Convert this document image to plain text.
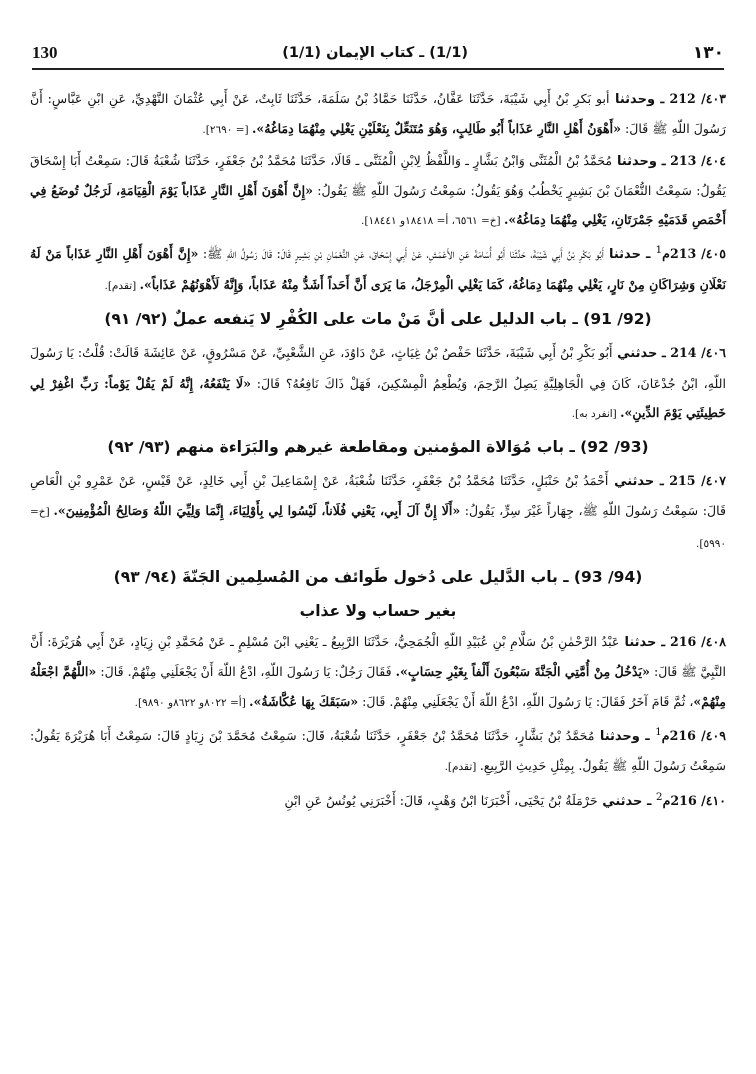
130	(1/1) ـ كتاب الإيمان (1/1)	١٣٠

٤٠٣/ 212 ـ وحدثنا أبو بَكرِ بْنُ أَبِي شَيْبَةَ، حَدَّثَنَا عَفَّانُ، حَدَّثَنَا حَمَّادُ بْنُ سَلَمَةَ، حَدَّثَنَا ثَابِتٌ، عَنْ أَبِي عُثْمَانَ النَّهْدِيِّ، عَنِ ابْنِ عَبَّاسٍ: أَنَّ رَسُولَ اللّهِ ﷺ قَالَ: «أَهْوَنُ أَهْلِ النَّارِ عَذَاباً أَبُو طَالِبٍ، وَهُوَ مُتَنَعِّلٌ بِنَعْلَيْنِ يَغْلِي مِنْهُمَا دِمَاغُهُ». [= ٢٦٩٠].

٤٠٤/ 213 ـ وحدثنا مُحَمَّدُ بْنُ الْمُثَنَّى وَابْنُ بَشَّارٍ ـ وَاللَّفْظُ لِابْنِ الْمُثَنَّى ـ قَالَا، حَدَّثَنَا مُحَمَّدُ بْنُ جَعْفَرٍ، حَدَّثَنَا شُعْبَةُ قَالَ: سَمِعْتُ أَبَا إِسْحَاقَ يَقُولُ: سَمِعْتُ النُّعْمَانَ بْنَ بَشِيرٍ يَخْطُبُ وَهُوَ يَقُولُ: سَمِعْتُ رَسُولَ اللّهِ ﷺ يَقُولُ: «إِنَّ أَهْوَنَ أَهْلِ النَّارِ عَذَاباً يَوْمَ الْقِيَامَةِ، لَرَجُلٌ تُوضَعُ فِي أَخْمَصِ قَدَمَيْهِ جَمْرَتَانِ، يَغْلِي مِنْهُمَا دِمَاغُهُ». [خ= ٦٥٦١، أ= ١٨٤١٨و ١٨٤٤١].

٤٠٥/ 213م$^1$ ـ حدثنا أَبُو بَكْرِ بْنُ أَبِي شَيْبَةَ، حَدَّثَنَا أَبُو أُسَامَةَ عَنِ الأَعْمَشِ، عَنْ أَبِي إِسْحَاقَ، عَنِ النُّعْمَانِ بْنِ بَشِيرٍ قَالَ: قَالَ رَسُولُ اللّهِ ﷺ: «إِنَّ أَهْوَنَ أَهْلِ النَّارِ عَذَاباً مَنْ لَهُ نَعْلَانِ وَشِرَاكَانِ مِنْ نَارٍ، يَغْلِي مِنْهُمَا دِمَاغُهُ، كَمَا يَغْلِي الْمِرْجَلُ، مَا يَرَى أَنَّ أَحَداً أَشَدُّ مِنْهُ عَذَاباً، وَإِنَّهُ لَأَهْوَنُهُمْ عَذَاباً». [تقدم].

(92/ 91) ـ باب الدليل على أنَّ مَنْ مات على الكُفْرِ لا يَنفعه عملٌ (٩٢/ ٩١)

٤٠٦/ 214 ـ حدثني أَبُو بَكْرِ بْنُ أَبِي شَيْبَةَ، حَدَّثَنَا حَفْصُ بْنُ غِيَاثٍ، عَنْ دَاوُدَ، عَنِ الشَّعْبِيِّ، عَنْ مَسْرُوقٍ، عَنْ عَائِشَةَ قَالَتْ: قُلْتُ: يَا رَسُولَ اللّهِ، ابْنُ جُدْعَانَ، كَانَ فِي الْجَاهِلِيَّةِ يَصِلُ الرَّحِمَ، وَيُطْعِمُ الْمِسْكِينَ، فَهَلْ ذَاكَ نَافِعُهُ؟ قَالَ: «لَا يَنْفَعُهُ، إِنَّهُ لَمْ يَقُلْ يَوْماً: رَبِّ اغْفِرْ لِي خَطِيئَتِي يَوْمَ الدِّينِ». [انفرد به].

(93/ 92) ـ باب مُوَالاة المؤمنين ومقاطعة غيرهم والبَرَاءة منهم (٩٣/ ٩٢)

٤٠٧/ 215 ـ حدثني أَحْمَدُ بْنُ حَنْبَلٍ، حَدَّثَنَا مُحَمَّدُ بْنُ جَعْفَرٍ، حَدَّثَنَا شُعْبَةُ، عَنْ إِسْمَاعِيلَ بْنِ أَبِي خَالِدٍ، عَنْ قَيْسٍ، عَنْ عَمْرِو بْنِ الْعَاصِ قَالَ: سَمِعْتُ رَسُولَ اللّهِ ﷺ، جِهَاراً غَيْرَ سِرٍّ، يَقُولُ: «أَلَا إِنَّ آلَ أَبِي، يَعْنِي فُلَاناً، لَيْسُوا لِي بِأَوْلِيَاءَ، إِنَّمَا وَلِيِّيَ اللّهُ وَصَالِحُ الْمُؤْمِنِينَ». [خ= ٥٩٩٠].

(94/ 93) ـ باب الدَّليل على دُخول طَوائف من المُسلِمين الجَنّةَ (٩٤/ ٩٣)
بغير حساب ولا عذاب

٤٠٨/ 216 ـ حدثنا عَبْدُ الرَّحْمٰنِ بْنُ سَلَّامِ بْنِ عُبَيْدِ اللّهِ الْجُمَحِيُّ، حَدَّثَنَا الرَّبِيعُ ـ يَعْنِي ابْنَ مُسْلِمٍ ـ عَنْ مُحَمَّدِ بْنِ زِيَادٍ، عَنْ أَبِي هُرَيْرَةَ: أَنَّ النَّبِيَّ ﷺ قَالَ: «يَدْخُلُ مِنْ أُمَّتِي الْجَنَّةَ سَبْعُونَ أَلْفاً بِغَيْرِ حِسَابٍ». فَقَالَ رَجُلٌ: يَا رَسُولَ اللّهِ، ادْعُ اللّهَ أَنْ يَجْعَلَنِي مِنْهُمْ. قَالَ: «اللَّهُمَّ اجْعَلْهُ مِنْهُمْ»، ثُمَّ قَامَ آخَرُ فَقَالَ: يَا رَسُولَ اللّهِ، ادْعُ اللّهَ أَنْ يَجْعَلَنِي مِنْهُمْ. قَالَ: «سَبَقَكَ بِهَا عُكَّاشَةُ». [أ= ٨٠٢٢و ٨٦٢٢و ٩٨٩٠].

٤٠٩/ 216م$^1$ ـ وحدثنا مُحَمَّدُ بْنُ بَشَّارٍ، حَدَّثَنَا مُحَمَّدُ بْنُ جَعْفَرٍ، حَدَّثَنَا شُعْبَةُ، قَالَ: سَمِعْتُ مُحَمَّدَ بْنَ زِيَادٍ قَالَ: سَمِعْتُ أَبَا هُرَيْرَةَ يَقُولُ: سَمِعْتُ رَسُولَ اللّهِ ﷺ يَقُولُ. بِمِثْلِ حَدِيثِ الرَّبِيعِ. [تقدم].

٤١٠/ 216م$^2$ ـ حدثني حَرْمَلَةُ بْنُ يَحْيَى، أَخْبَرَنَا ابْنُ وَهْبٍ، قَالَ: أَخْبَرَنِي يُونُسُ عَنِ ابْنِ
